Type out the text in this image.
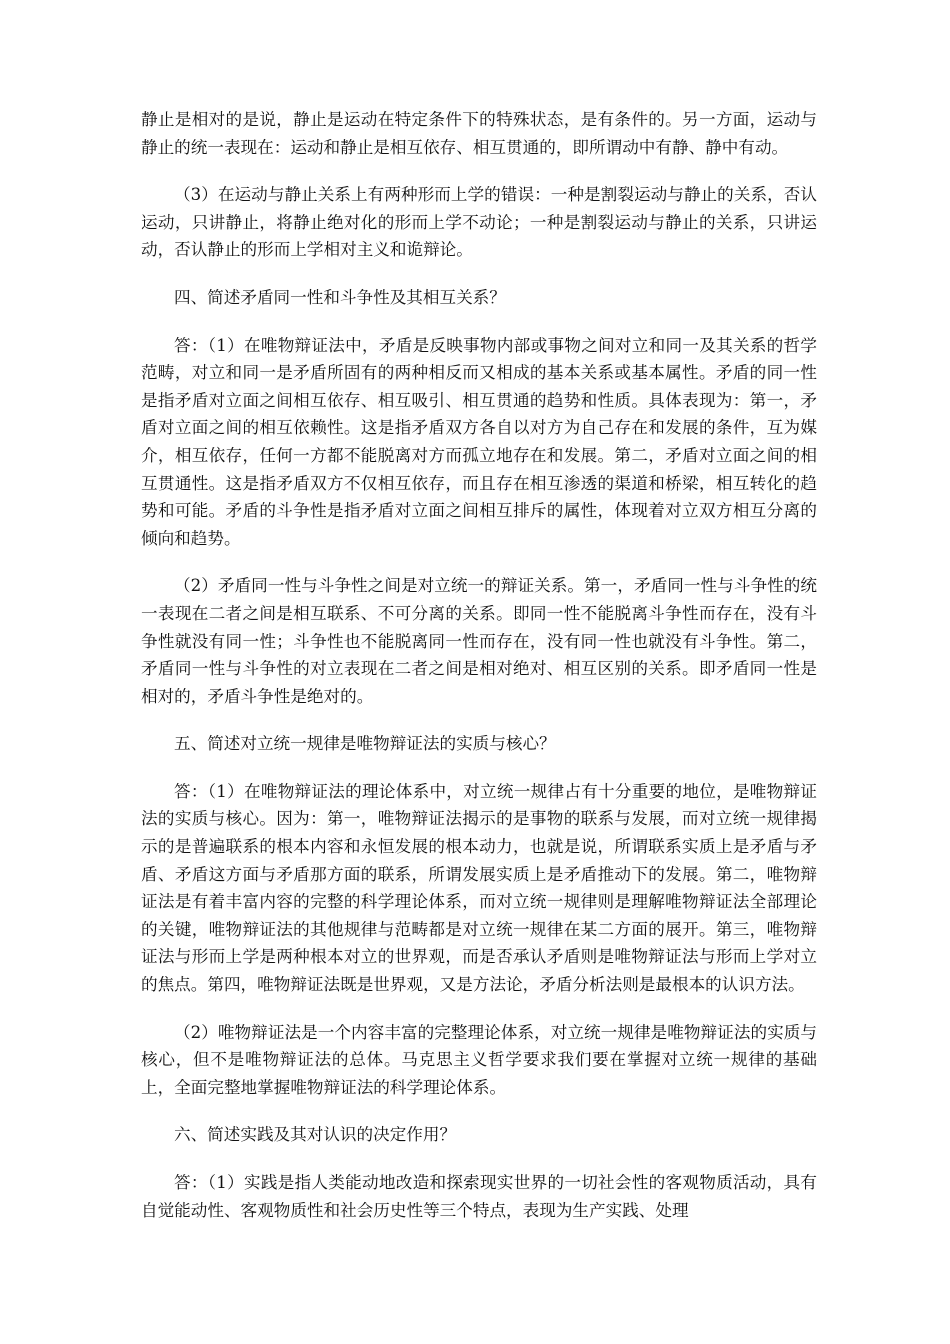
静止是相对的是说，静止是运动在特定条件下的特殊状态，是有条件的。另一方面，运动与静止的统一表现在：运动和静止是相互依存、相互贯通的，即所谓动中有静、静中有动。

（3）在运动与静止关系上有两种形而上学的错误：一种是割裂运动与静止的关系，否认运动，只讲静止，将静止绝对化的形而上学不动论；一种是割裂运动与静止的关系，只讲运动，否认静止的形而上学相对主义和诡辩论。

四、简述矛盾同一性和斗争性及其相互关系？

答：（1）在唯物辩证法中，矛盾是反映事物内部或事物之间对立和同一及其关系的哲学范畴，对立和同一是矛盾所固有的两种相反而又相成的基本关系或基本属性。矛盾的同一性是指矛盾对立面之间相互依存、相互吸引、相互贯通的趋势和性质。具体表现为：第一，矛盾对立面之间的相互依赖性。这是指矛盾双方各自以对方为自己存在和发展的条件，互为媒介，相互依存，任何一方都不能脱离对方而孤立地存在和发展。第二，矛盾对立面之间的相互贯通性。这是指矛盾双方不仅相互依存，而且存在相互渗透的渠道和桥梁，相互转化的趋势和可能。矛盾的斗争性是指矛盾对立面之间相互排斥的属性，体现着对立双方相互分离的倾向和趋势。

（2）矛盾同一性与斗争性之间是对立统一的辩证关系。第一，矛盾同一性与斗争性的统一表现在二者之间是相互联系、不可分离的关系。即同一性不能脱离斗争性而存在，没有斗争性就没有同一性；斗争性也不能脱离同一性而存在，没有同一性也就没有斗争性。第二，矛盾同一性与斗争性的对立表现在二者之间是相对绝对、相互区别的关系。即矛盾同一性是相对的，矛盾斗争性是绝对的。

五、简述对立统一规律是唯物辩证法的实质与核心？

答：（1）在唯物辩证法的理论体系中，对立统一规律占有十分重要的地位，是唯物辩证法的实质与核心。因为：第一，唯物辩证法揭示的是事物的联系与发展，而对立统一规律揭示的是普遍联系的根本内容和永恒发展的根本动力，也就是说，所谓联系实质上是矛盾与矛盾、矛盾这方面与矛盾那方面的联系，所谓发展实质上是矛盾推动下的发展。第二，唯物辩证法是有着丰富内容的完整的科学理论体系，而对立统一规律则是理解唯物辩证法全部理论的关键，唯物辩证法的其他规律与范畴都是对立统一规律在某二方面的展开。第三，唯物辩证法与形而上学是两种根本对立的世界观，而是否承认矛盾则是唯物辩证法与形而上学对立的焦点。第四，唯物辩证法既是世界观，又是方法论，矛盾分析法则是最根本的认识方法。

（2）唯物辩证法是一个内容丰富的完整理论体系，对立统一规律是唯物辩证法的实质与核心，但不是唯物辩证法的总体。马克思主义哲学要求我们要在掌握对立统一规律的基础上，全面完整地掌握唯物辩证法的科学理论体系。

六、简述实践及其对认识的决定作用？

答：（1）实践是指人类能动地改造和探索现实世界的一切社会性的客观物质活动，具有自觉能动性、客观物质性和社会历史性等三个特点，表现为生产实践、处理
